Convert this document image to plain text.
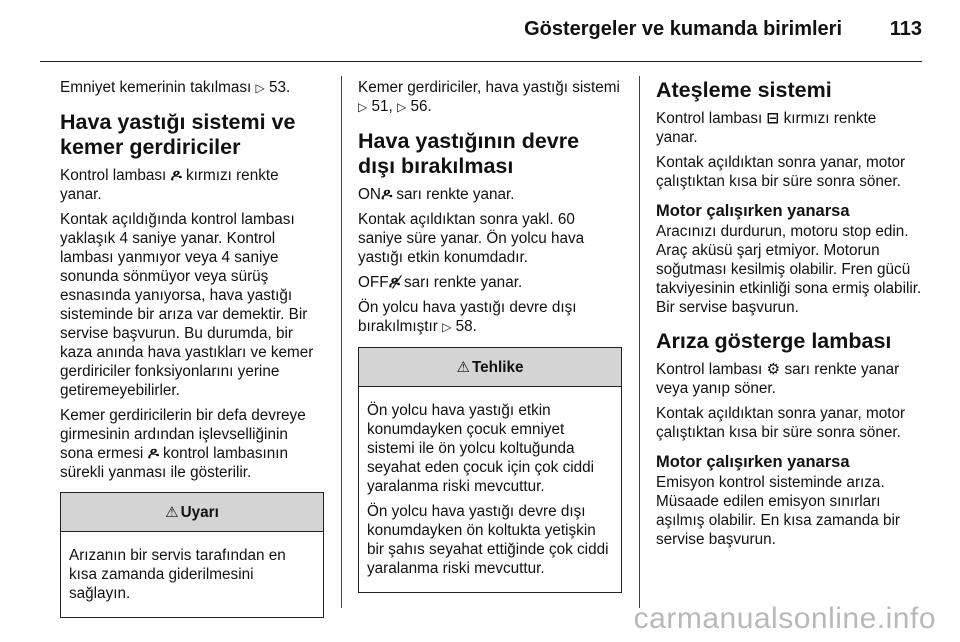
Göstergeler ve kumanda birimleri 113

Emniyet kemerinin takılması ▷ 53.

Hava yastığı sistemi ve kemer gerdiriciler

Kontrol lambası ዶ kırmızı renkte yanar.

Kontak açıldığında kontrol lambası yaklaşık 4 saniye yanar. Kontrol lambası yanmıyor veya 4 saniye sonunda sönmüyor veya sürüş esnasında yanıyorsa, hava yastığı sisteminde bir arıza var demektir. Bir servise başvurun. Bu durumda, bir kaza anında hava yastıkları ve kemer gerdiriciler fonksiyonlarını yerine getiremeyebilirler.

Kemer gerdiricilerin bir defa devreye girmesinin ardından işlevselliğinin sona ermesi ዶ kontrol lambasının sürekli yanması ile gösterilir.

⚠ Uyarı

Arızanın bir servis tarafından en kısa zamanda giderilmesini sağlayın.

Kemer gerdiriciler, hava yastığı sistemi ▷ 51, ▷ 56.

Hava yastığının devre dışı bırakılması

ONዶ sarı renkte yanar.

Kontak açıldıktan sonra yakl. 60 saniye süre yanar. Ön yolcu hava yastığı etkin konumdadır.

OFFዶ̸ sarı renkte yanar.

Ön yolcu hava yastığı devre dışı bırakılmıştır ▷ 58.

⚠ Tehlike

Ön yolcu hava yastığı etkin konumdayken çocuk emniyet sistemi ile ön yolcu koltuğunda seyahat eden çocuk için çok ciddi yaralanma riski mevcuttur.

Ön yolcu hava yastığı devre dışı konumdayken ön koltukta yetişkin bir şahıs seyahat ettiğinde çok ciddi yaralanma riski mevcuttur.

Ateşleme sistemi

Kontrol lambası ⊟ kırmızı renkte yanar.

Kontak açıldıktan sonra yanar, motor çalıştıktan kısa bir süre sonra söner.

Motor çalışırken yanarsa

Aracınızı durdurun, motoru stop edin. Araç aküsü şarj etmiyor. Motorun soğutması kesilmiş olabilir. Fren gücü takviyesinin etkinliği sona ermiş olabilir. Bir servise başvurun.

Arıza gösterge lambası

Kontrol lambası ⚙ sarı renkte yanar veya yanıp söner.

Kontak açıldıktan sonra yanar, motor çalıştıktan kısa bir süre sonra söner.

Motor çalışırken yanarsa

Emisyon kontrol sisteminde arıza. Müsaade edilen emisyon sınırları aşılmış olabilir. En kısa zamanda bir servise başvurun.

carmanualsonline.info
